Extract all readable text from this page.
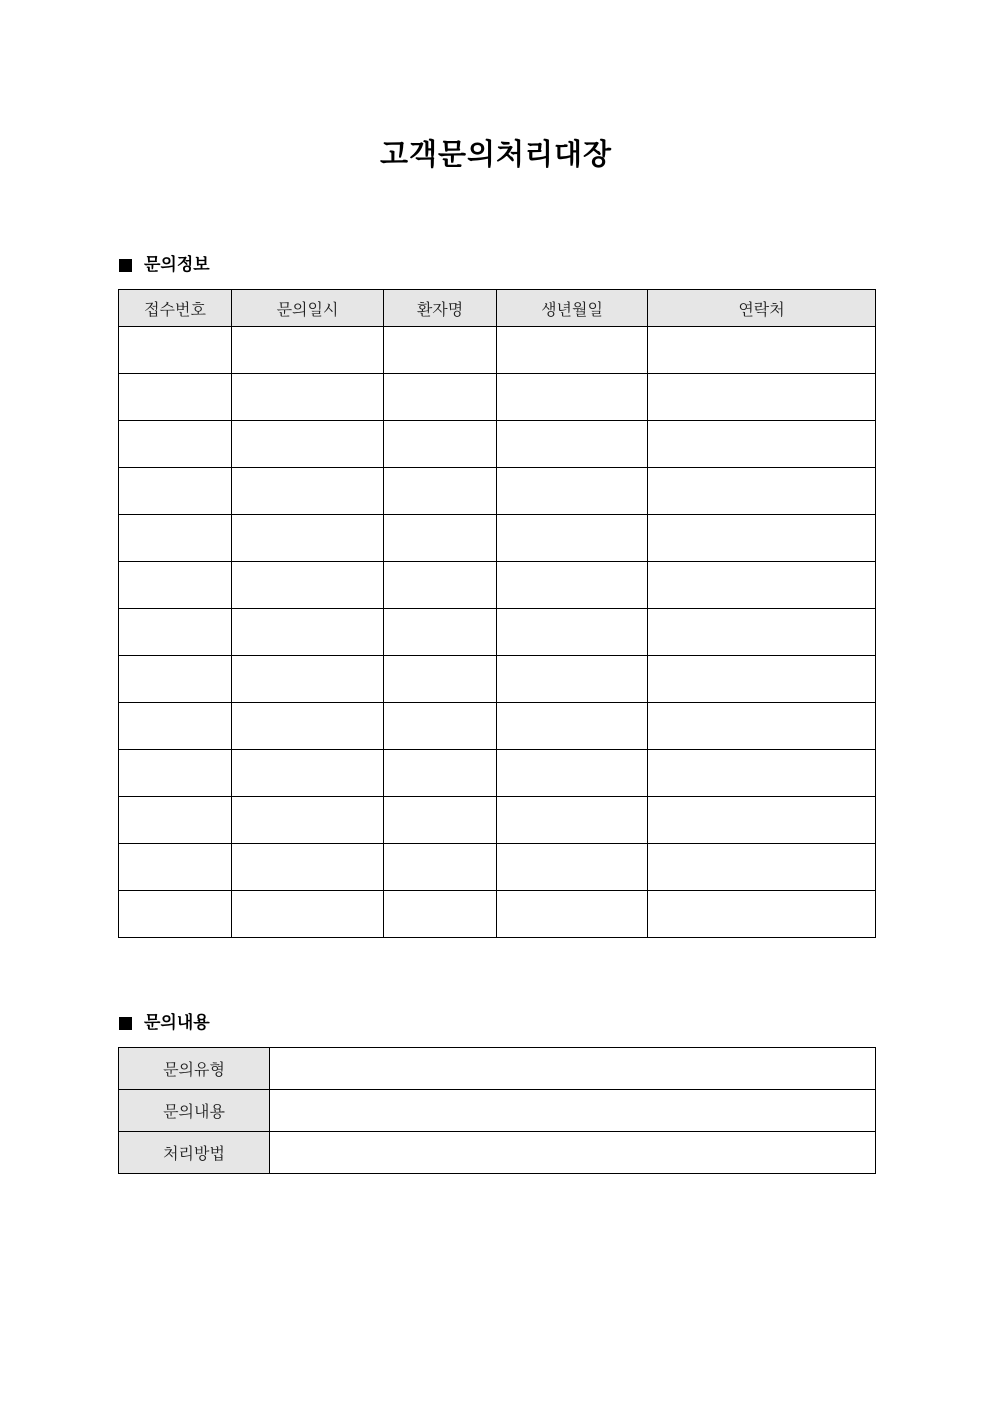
고객문의처리대장
문의정보
접수번호	문의일시	환자명	생년월일	연락처

문의내용
문의유형	
문의내용	
처리방법	
